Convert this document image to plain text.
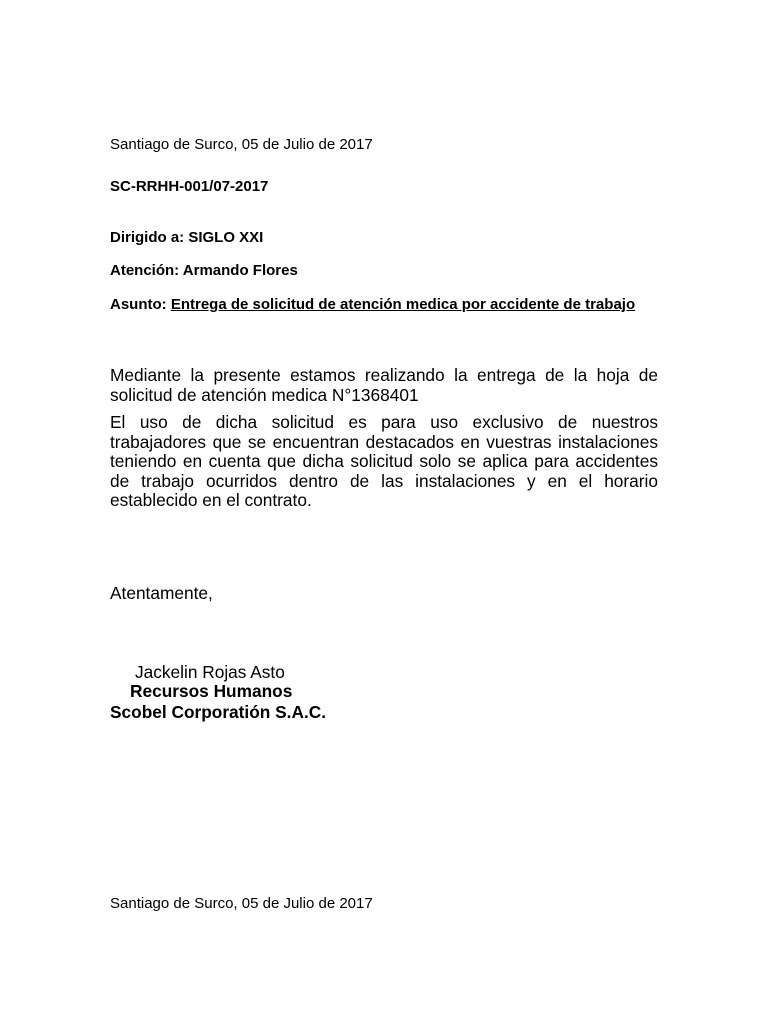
Santiago de Surco, 05 de Julio de 2017

SC-RRHH-001/07-2017

Dirigido a: SIGLO XXI

Atención: Armando Flores

Asunto: Entrega de solicitud de atención medica por accidente de trabajo

Mediante la presente estamos realizando la entrega de la hoja de solicitud de atención medica N°1368401

El uso de dicha solicitud es para uso exclusivo de nuestros trabajadores que se encuentran destacados en vuestras instalaciones teniendo en cuenta que dicha solicitud solo se aplica para accidentes de trabajo ocurridos dentro de las instalaciones y en el horario establecido en el contrato.

Atentamente,

Jackelin Rojas Asto

Recursos Humanos

Scobel Corporatión S.A.C.

Santiago de Surco, 05 de Julio de 2017
